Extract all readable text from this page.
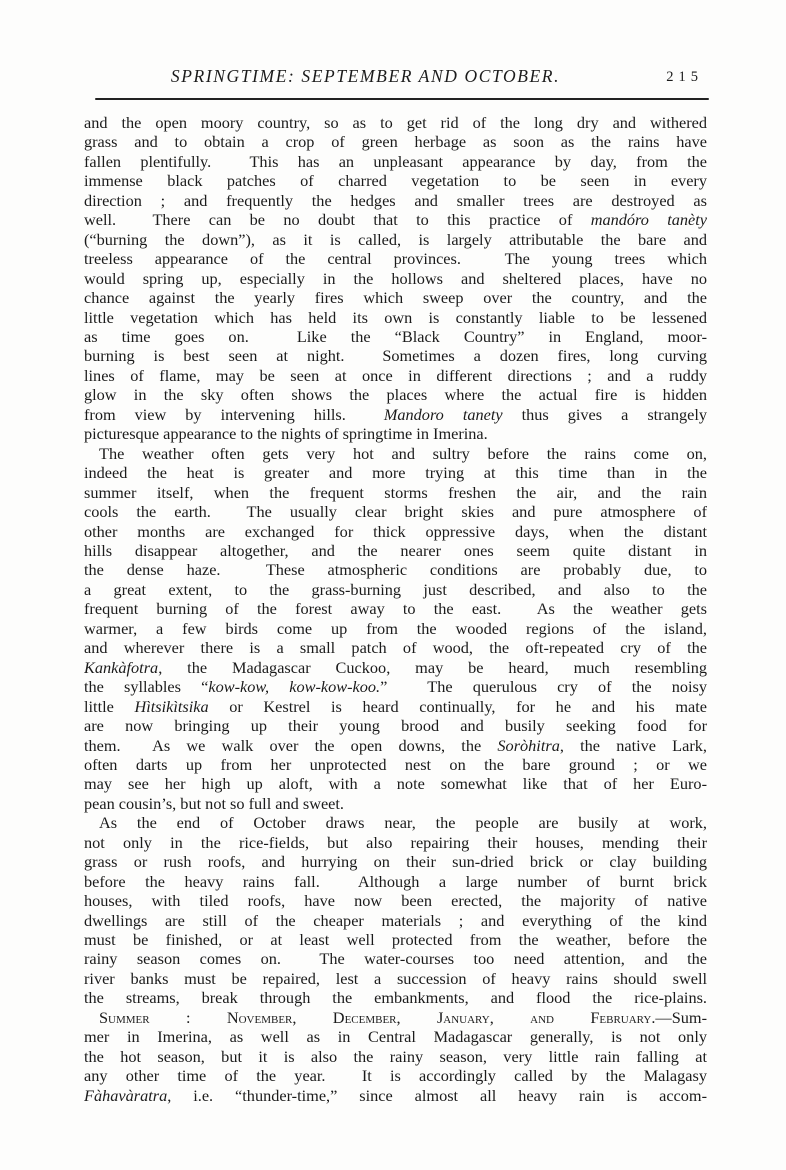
SPRINGTIME: SEPTEMBER AND OCTOBER.	215
and the open moory country, so as to get rid of the long dry and withered
grass and to obtain a crop of green herbage as soon as the rains have
fallen plentifully.  This has an unpleasant appearance by day, from the
immense black patches of charred vegetation to be seen in every
direction ; and frequently the hedges and smaller trees are destroyed as
well.  There can be no doubt that to this practice of mandóro tanèty
(“burning the down”), as it is called, is largely attributable the bare and
treeless appearance of the central provinces.  The young trees which
would spring up, especially in the hollows and sheltered places, have no
chance against the yearly fires which sweep over the country, and the
little vegetation which has held its own is constantly liable to be lessened
as time goes on.  Like the “Black Country” in England, moor-
burning is best seen at night.  Sometimes a dozen fires, long curving
lines of flame, may be seen at once in different directions ; and a ruddy
glow in the sky often shows the places where the actual fire is hidden
from view by intervening hills.  Mandoro tanety thus gives a strangely
picturesque appearance to the nights of springtime in Imerina.
The weather often gets very hot and sultry before the rains come on,
indeed the heat is greater and more trying at this time than in the
summer itself, when the frequent storms freshen the air, and the rain
cools the earth.  The usually clear bright skies and pure atmosphere of
other months are exchanged for thick oppressive days, when the distant
hills disappear altogether, and the nearer ones seem quite distant in
the dense haze.  These atmospheric conditions are probably due, to
a great extent, to the grass-burning just described, and also to the
frequent burning of the forest away to the east.  As the weather gets
warmer, a few birds come up from the wooded regions of the island,
and wherever there is a small patch of wood, the oft-repeated cry of the
Kankàfotra, the Madagascar Cuckoo, may be heard, much resembling
the syllables “kow-kow, kow-kow-koo.”  The querulous cry of the noisy
little Hìtsikìtsika or Kestrel is heard continually, for he and his mate
are now bringing up their young brood and busily seeking food for
them.  As we walk over the open downs, the Soròhitra, the native Lark,
often darts up from her unprotected nest on the bare ground ; or we
may see her high up aloft, with a note somewhat like that of her Euro-
pean cousin’s, but not so full and sweet.
As the end of October draws near, the people are busily at work,
not only in the rice-fields, but also repairing their houses, mending their
grass or rush roofs, and hurrying on their sun-dried brick or clay building
before the heavy rains fall.  Although a large number of burnt brick
houses, with tiled roofs, have now been erected, the majority of native
dwellings are still of the cheaper materials ; and everything of the kind
must be finished, or at least well protected from the weather, before the
rainy season comes on.  The water-courses too need attention, and the
river banks must be repaired, lest a succession of heavy rains should swell
the streams, break through the embankments, and flood the rice-plains.
Summer : November, December, January, and February.—Sum-
mer in Imerina, as well as in Central Madagascar generally, is not only
the hot season, but it is also the rainy season, very little rain falling at
any other time of the year.  It is accordingly called by the Malagasy
Fàhavàratra, i.e. “thunder-time,” since almost all heavy rain is accom-
